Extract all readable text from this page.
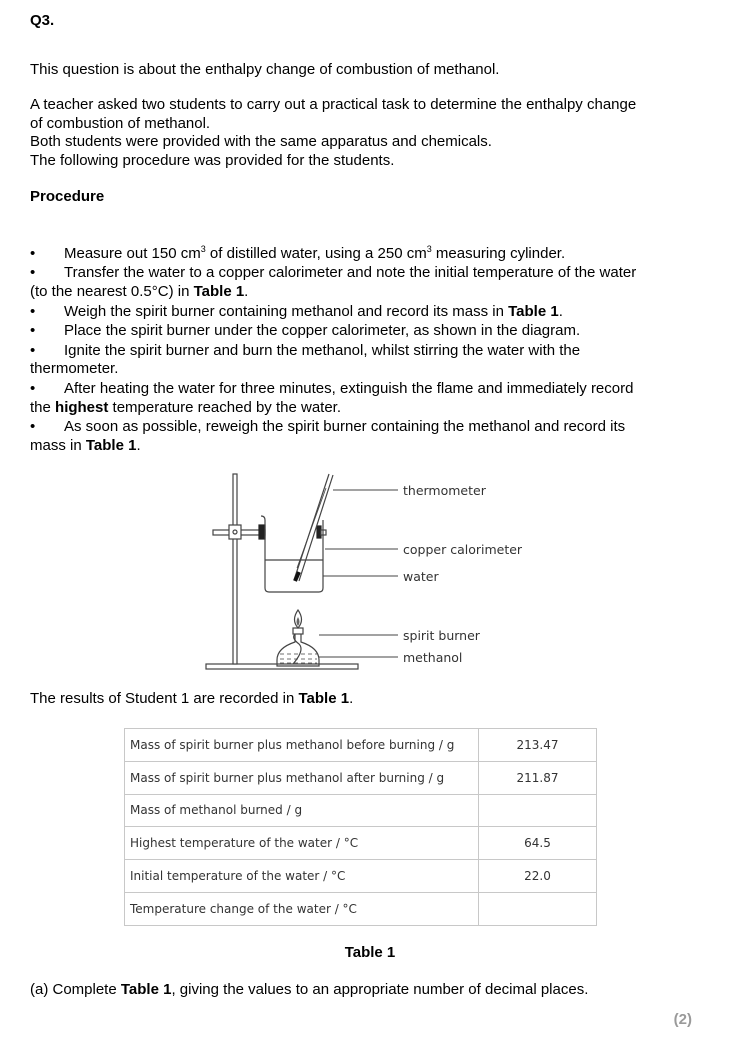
Q3.
This question is about the enthalpy change of combustion of methanol.
A teacher asked two students to carry out a practical task to determine the enthalpy change
of combustion of methanol.
Both students were provided with the same apparatus and chemicals.
The following procedure was provided for the students.
Procedure
• Measure out 150 $cm^3$ of distilled water, using a 250 $cm^3$ measuring cylinder.
• Transfer the water to a copper calorimeter and note the initial temperature of the water
(to the nearest 0.5°C) in Table 1.
• Weigh the spirit burner containing methanol and record its mass in Table 1.
• Place the spirit burner under the copper calorimeter, as shown in the diagram.
• Ignite the spirit burner and burn the methanol, whilst stirring the water with the
thermometer.
• After heating the water for three minutes, extinguish the flame and immediately record
the highest temperature reached by the water.
• As soon as possible, reweigh the spirit burner containing the methanol and record its
mass in Table 1.
thermometer
copper calorimeter
water
spirit burner
methanol
The results of Student 1 are recorded in Table 1.
Mass of spirit burner plus methanol before burning / g	213.47
Mass of spirit burner plus methanol after burning / g	211.87
Mass of methanol burned / g	
Highest temperature of the water / °C	64.5
Initial temperature of the water / °C	22.0
Temperature change of the water / °C	
Table 1
(a) Complete Table 1, giving the values to an appropriate number of decimal places.
(2)
